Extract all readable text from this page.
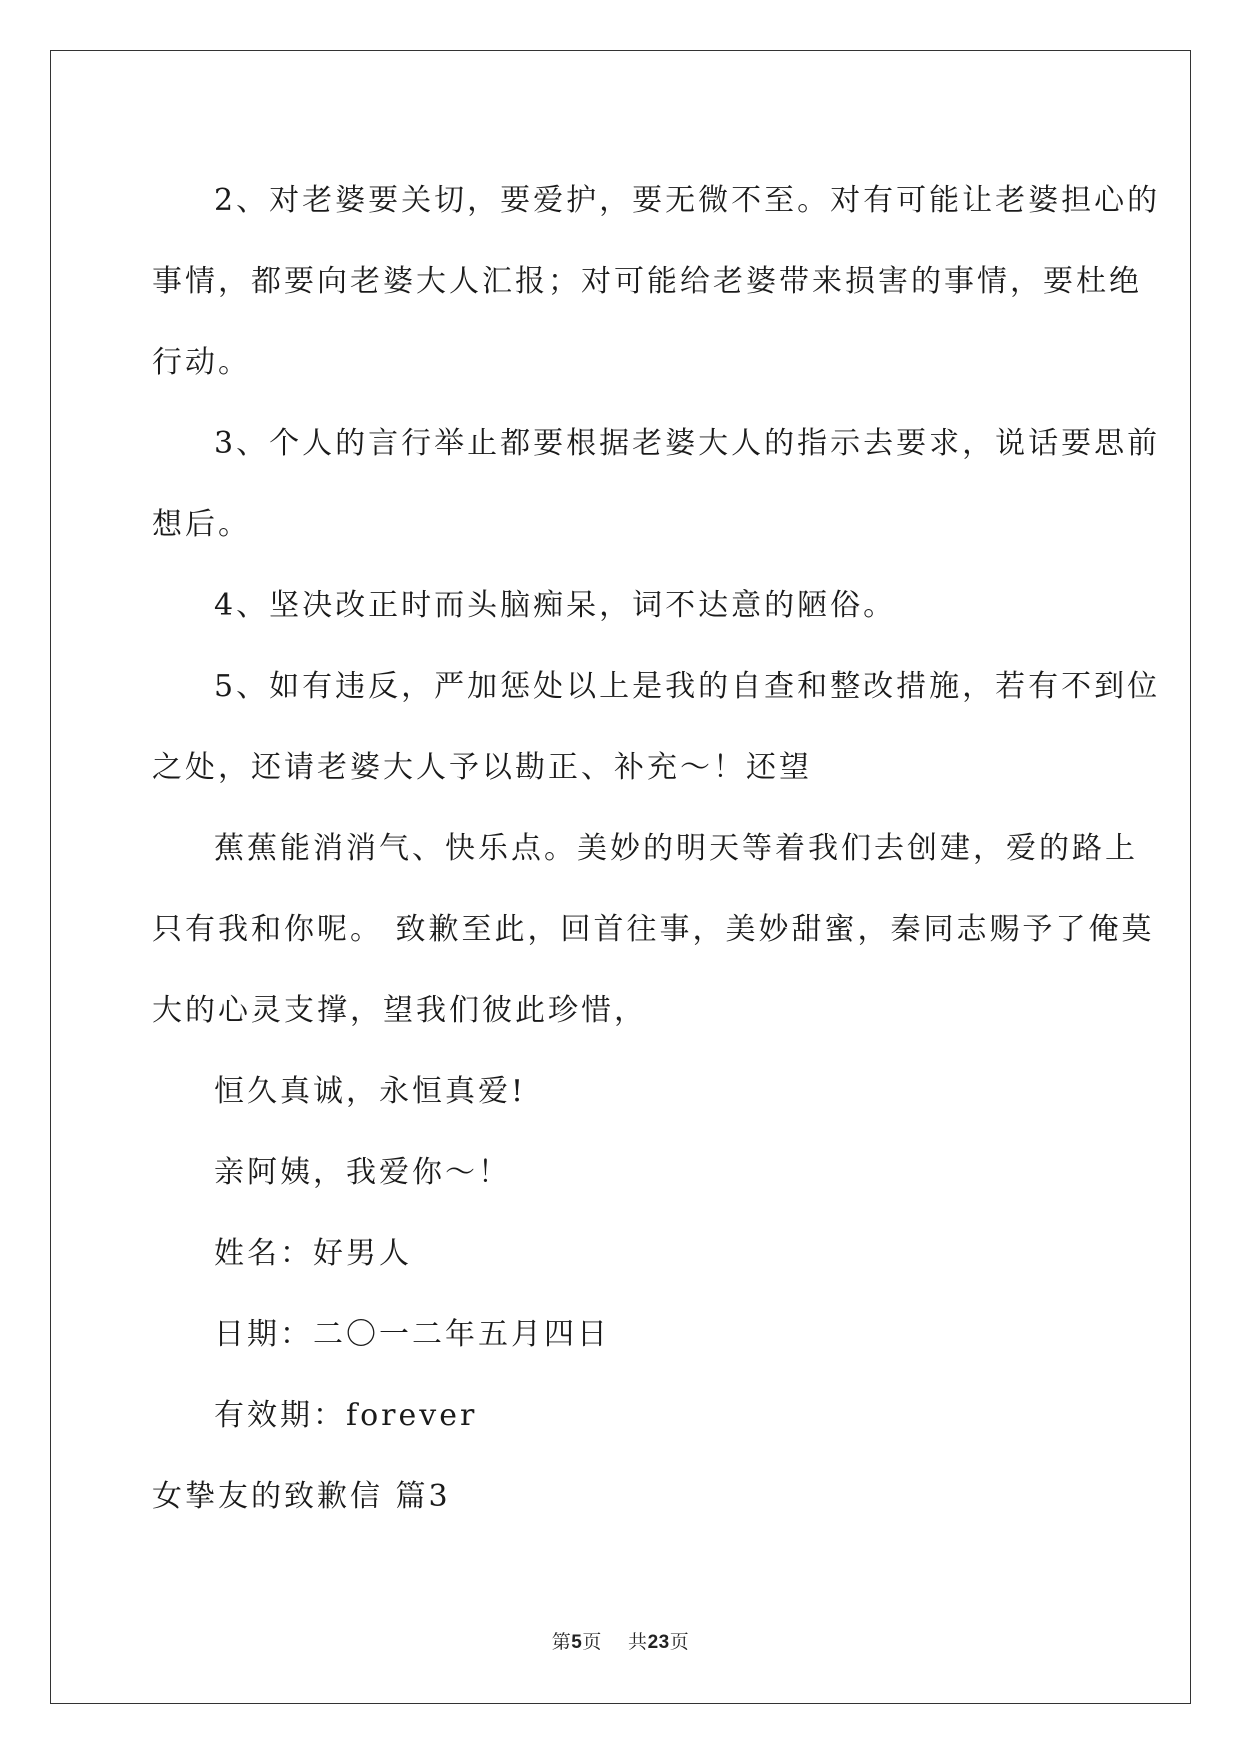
2、对老婆要关切，要爱护，要无微不至。对有可能让老婆担心的
事情，都要向老婆大人汇报；对可能给老婆带来损害的事情，要杜绝
行动。
3、个人的言行举止都要根据老婆大人的指示去要求，说话要思前
想后。
4、坚决改正时而头脑痴呆，词不达意的陋俗。
5、如有违反，严加惩处以上是我的自查和整改措施，若有不到位
之处，还请老婆大人予以勘正、补充～！还望
蕉蕉能消消气、快乐点。美妙的明天等着我们去创建，爱的路上
只有我和你呢。 致歉至此，回首往事，美妙甜蜜，秦同志赐予了俺莫
大的心灵支撑，望我们彼此珍惜，
恒久真诚，永恒真爱!
亲阿姨，我爱你～！
姓名：好男人
日期：二〇一二年五月四日
有效期：forever
女挚友的致歉信 篇3
第5页 共23页
